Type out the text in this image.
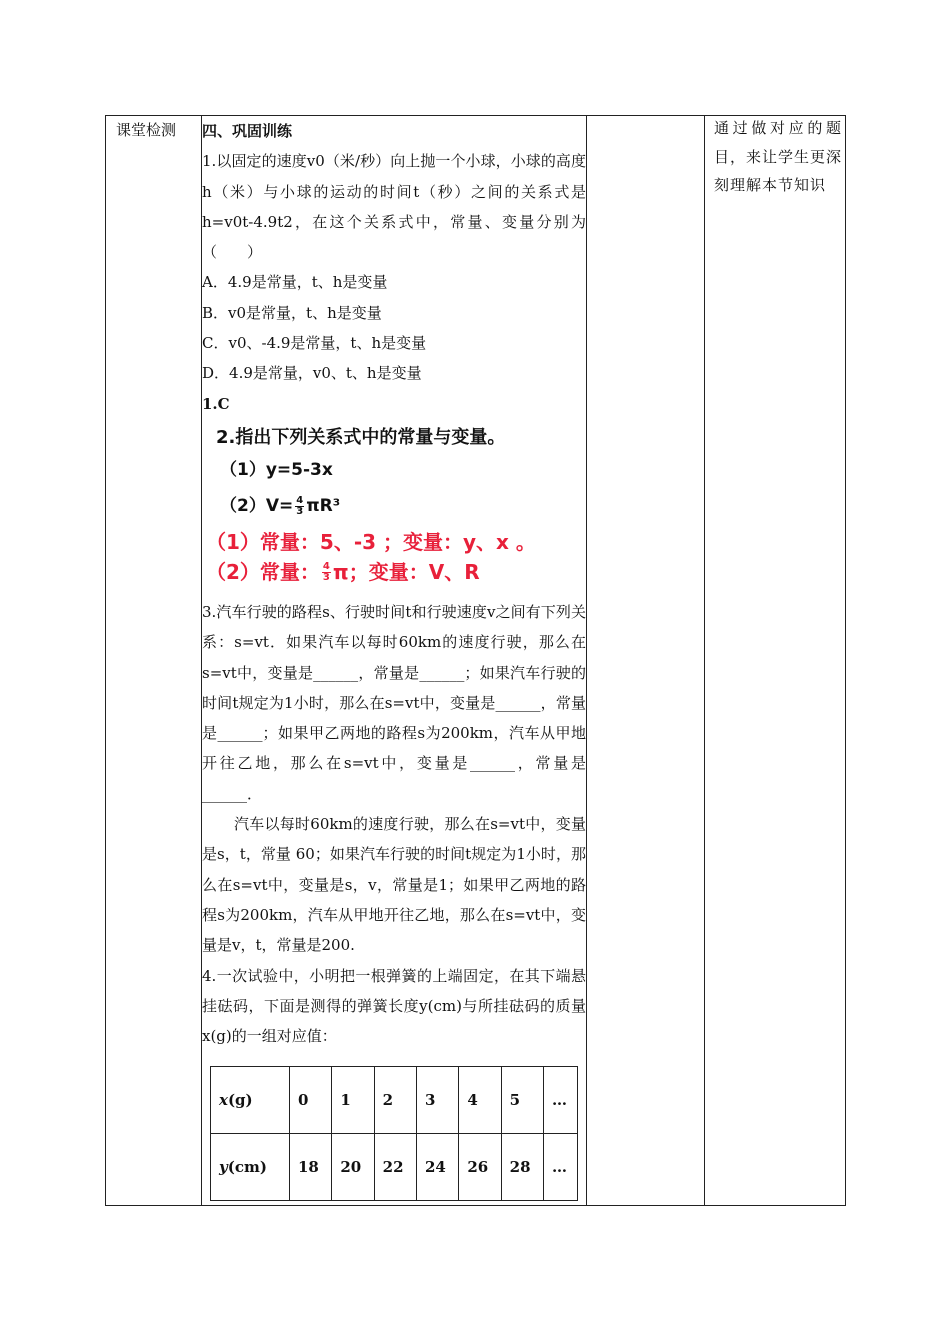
课堂检测 四、巩固训练

1.以固定的速度v0（米/秒）向上抛一个小球，小球的高度h（米）与小球的运动的时间t（秒）之间的关系式是h=v0t-4.9t2，在这个关系式中，常量、变量分别为（　　）

A．4.9是常量，t、h是变量

B．v0是常量，t、h是变量

C．v0、-4.9是常量，t、h是变量

D．4.9是常量，v0、t、h是变量

1.C

2.指出下列关系式中的常量与变量。
（1）y=5-3x
$(2)V= \frac{4}{3} \pi R^3$
（1）常量：5、-3 ；变量：y、x 。
（2）常量： $\frac{4}{3}$ π；变量：V、R

3.汽车行驶的路程s、行驶时间t和行驶速度v之间有下列关系：s=vt．如果汽车以每时60km的速度行驶，那么在s=vt中，变量是______，常量是______；如果汽车行驶的时间t规定为1小时，那么在s=vt中，变量是______，常量是______；如果甲乙两地的路程s为200km，汽车从甲地开往乙地，那么在s=vt中，变量是______，常量是______．

汽车以每时60km的速度行驶，那么在s=vt中，变量是s，t，常量 60；如果汽车行驶的时间t规定为1小时，那么在s=vt中，变量是s，v，常量是1；如果甲乙两地的路程s为200km，汽车从甲地开往乙地，那么在s=vt中，变量是v，t，常量是200.

4.一次试验中，小明把一根弹簧的上端固定，在其下端悬挂砝码，下面是测得的弹簧长度y(cm)与所挂砝码的质量x(g)的一组对应值：

x(g)	0	1	2	3	4	5	…
y(cm)	18	20	22	24	26	28	…
通过做对应的题目，来让学生更深刻理解本节知识
